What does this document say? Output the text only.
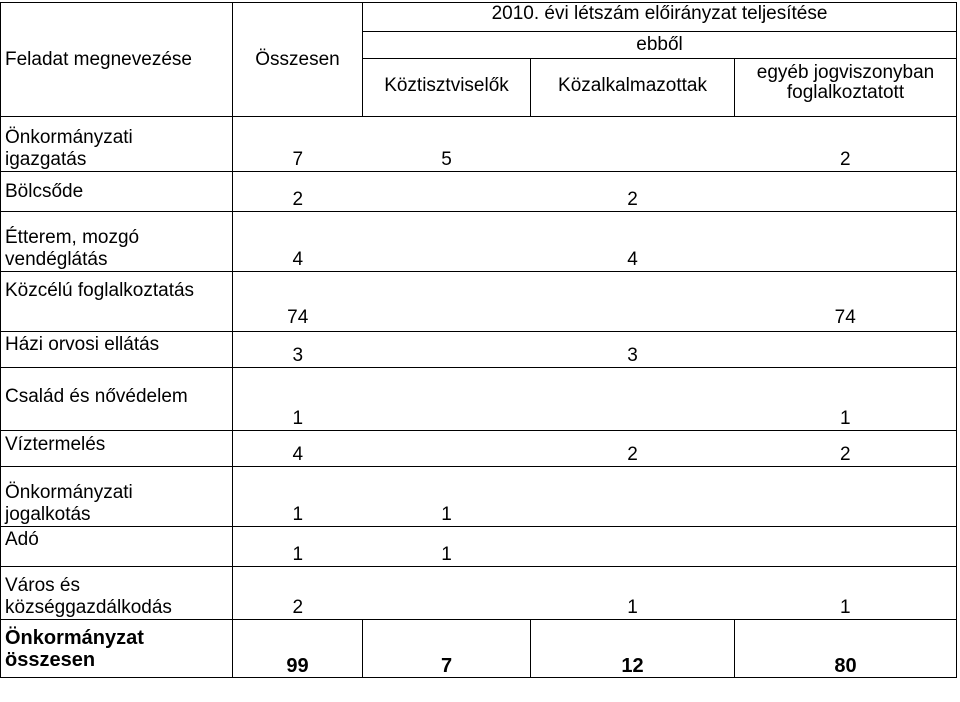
Feladat megnevezése	Összesen	2010. évi létszám előirányzat teljesítése		
		ebből		
		Köztisztviselők	Közalkalmazottak	egyéb jogviszonyban
foglalkoztatott

Önkormányzati
igazgatás	7	5		2
Bölcsőde	2		2	

Étterem, mozgó
vendéglátás	4		4	
Közcélú foglalkoztatás	74			74
Házi orvosi ellátás	3		3	
Család és nővédelem	1			1
Víztermelés	4		2	2

Önkormányzati
jogalkotás	1	1		
Adó	1	1		

Város és
községgazdálkodás	2		1	1

Önkormányzat
összesen	99	7	12	80
